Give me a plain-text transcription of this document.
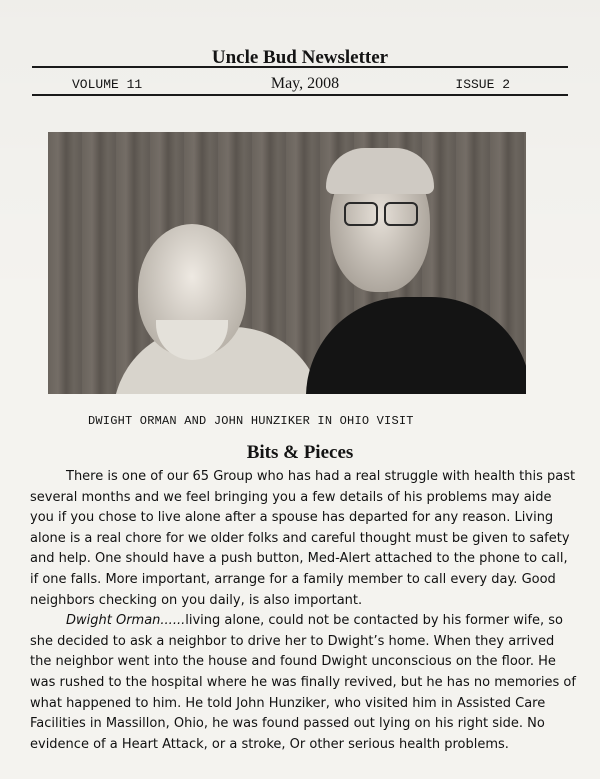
Uncle Bud Newsletter
VOLUME 11	May, 2008	ISSUE 2
DWIGHT ORMAN AND JOHN HUNZIKER IN OHIO VISIT
Bits & Pieces

There is one of our 65 Group who has had a real struggle with health this past several months and we feel bringing you a few details of his problems may aide you if you chose to live alone after a spouse has departed for any reason. Living alone is a real chore for we older folks and careful thought must be given to safety and help. One should have a push button, Med-Alert attached to the phone to call, if one falls. More important, arrange for a family member to call every day. Good neighbors checking on you daily, is also important.

Dwight Orman......living alone, could not be contacted by his former wife, so she decided to ask a neighbor to drive her to Dwight’s home. When they arrived the neighbor went into the house and found Dwight unconscious on the floor. He was rushed to the hospital where he was finally revived, but he has no memories of what happened to him. He told John Hunziker, who visited him in Assisted Care Facilities in Massillon, Ohio, he was found passed out lying on his right side. No evidence of a Heart Attack, or a stroke, Or other serious health problems.
